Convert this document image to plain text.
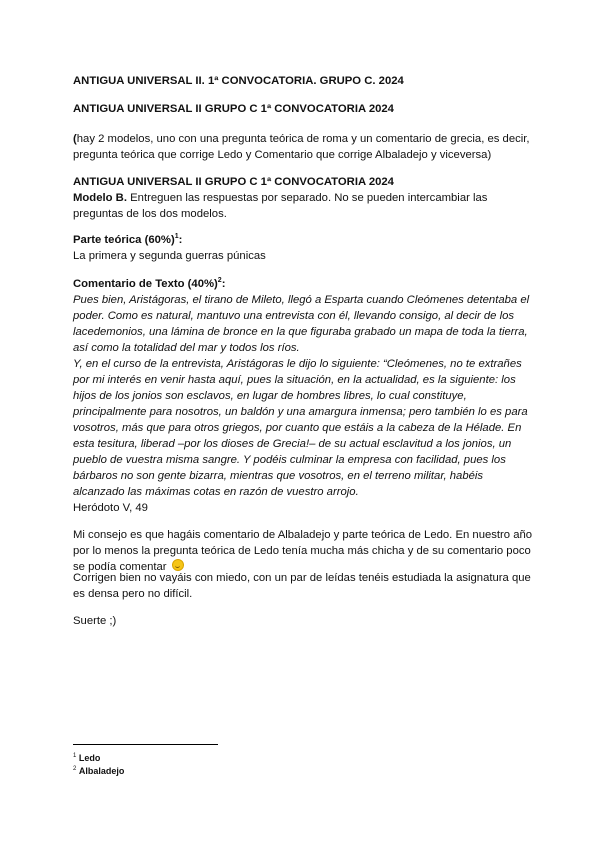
ANTIGUA UNIVERSAL II. 1ª CONVOCATORIA. GRUPO C. 2024
ANTIGUA UNIVERSAL II GRUPO C 1ª CONVOCATORIA 2024
(hay 2 modelos, uno con una pregunta teórica de roma y un comentario de grecia, es decir, pregunta teórica que corrige Ledo y Comentario que corrige Albaladejo y viceversa)
ANTIGUA UNIVERSAL II GRUPO C 1ª CONVOCATORIA 2024
Modelo B. Entreguen las respuestas por separado. No se pueden intercambiar las preguntas de los dos modelos.
Parte teórica $(60\%)^1$:
La primera y segunda guerras púnicas
Comentario de Texto $(40\%)^2$:
Pues bien, Aristágoras, el tirano de Mileto, llegó a Esparta cuando Cleómenes detentaba el poder. Como es natural, mantuvo una entrevista con él, llevando consigo, al decir de los lacedemonios, una lámina de bronce en la que figuraba grabado un mapa de toda la tierra, así como la totalidad del mar y todos los ríos.
Y, en el curso de la entrevista, Aristágoras le dijo lo siguiente: “Cleómenes, no te extrañes por mi interés en venir hasta aquí, pues la situación, en la actualidad, es la siguiente: los hijos de los jonios son esclavos, en lugar de hombres libres, lo cual constituye, principalmente para nosotros, un baldón y una amargura inmensa; pero también lo es para vosotros, más que para otros griegos, por cuanto que estáis a la cabeza de la Hélade. En esta tesitura, liberad –por los dioses de Grecia!– de su actual esclavitud a los jonios, un pueblo de vuestra misma sangre. Y podéis culminar la empresa con facilidad, pues los bárbaros no son gente bizarra, mientras que vosotros, en el terreno militar, habéis alcanzado las máximas cotas en razón de vuestro arrojo.
Heródoto V, 49
Mi consejo es que hagáis comentario de Albaladejo y parte teórica de Ledo. En nuestro año por lo menos la pregunta teórica de Ledo tenía mucha más chicha y de su comentario poco se podía comentar
Corrigen bien no vayáis con miedo, con un par de leídas tenéis estudiada la asignatura que es densa pero no difícil.
Suerte ;)
$^1$ Ledo
$^2$ Albaladejo
